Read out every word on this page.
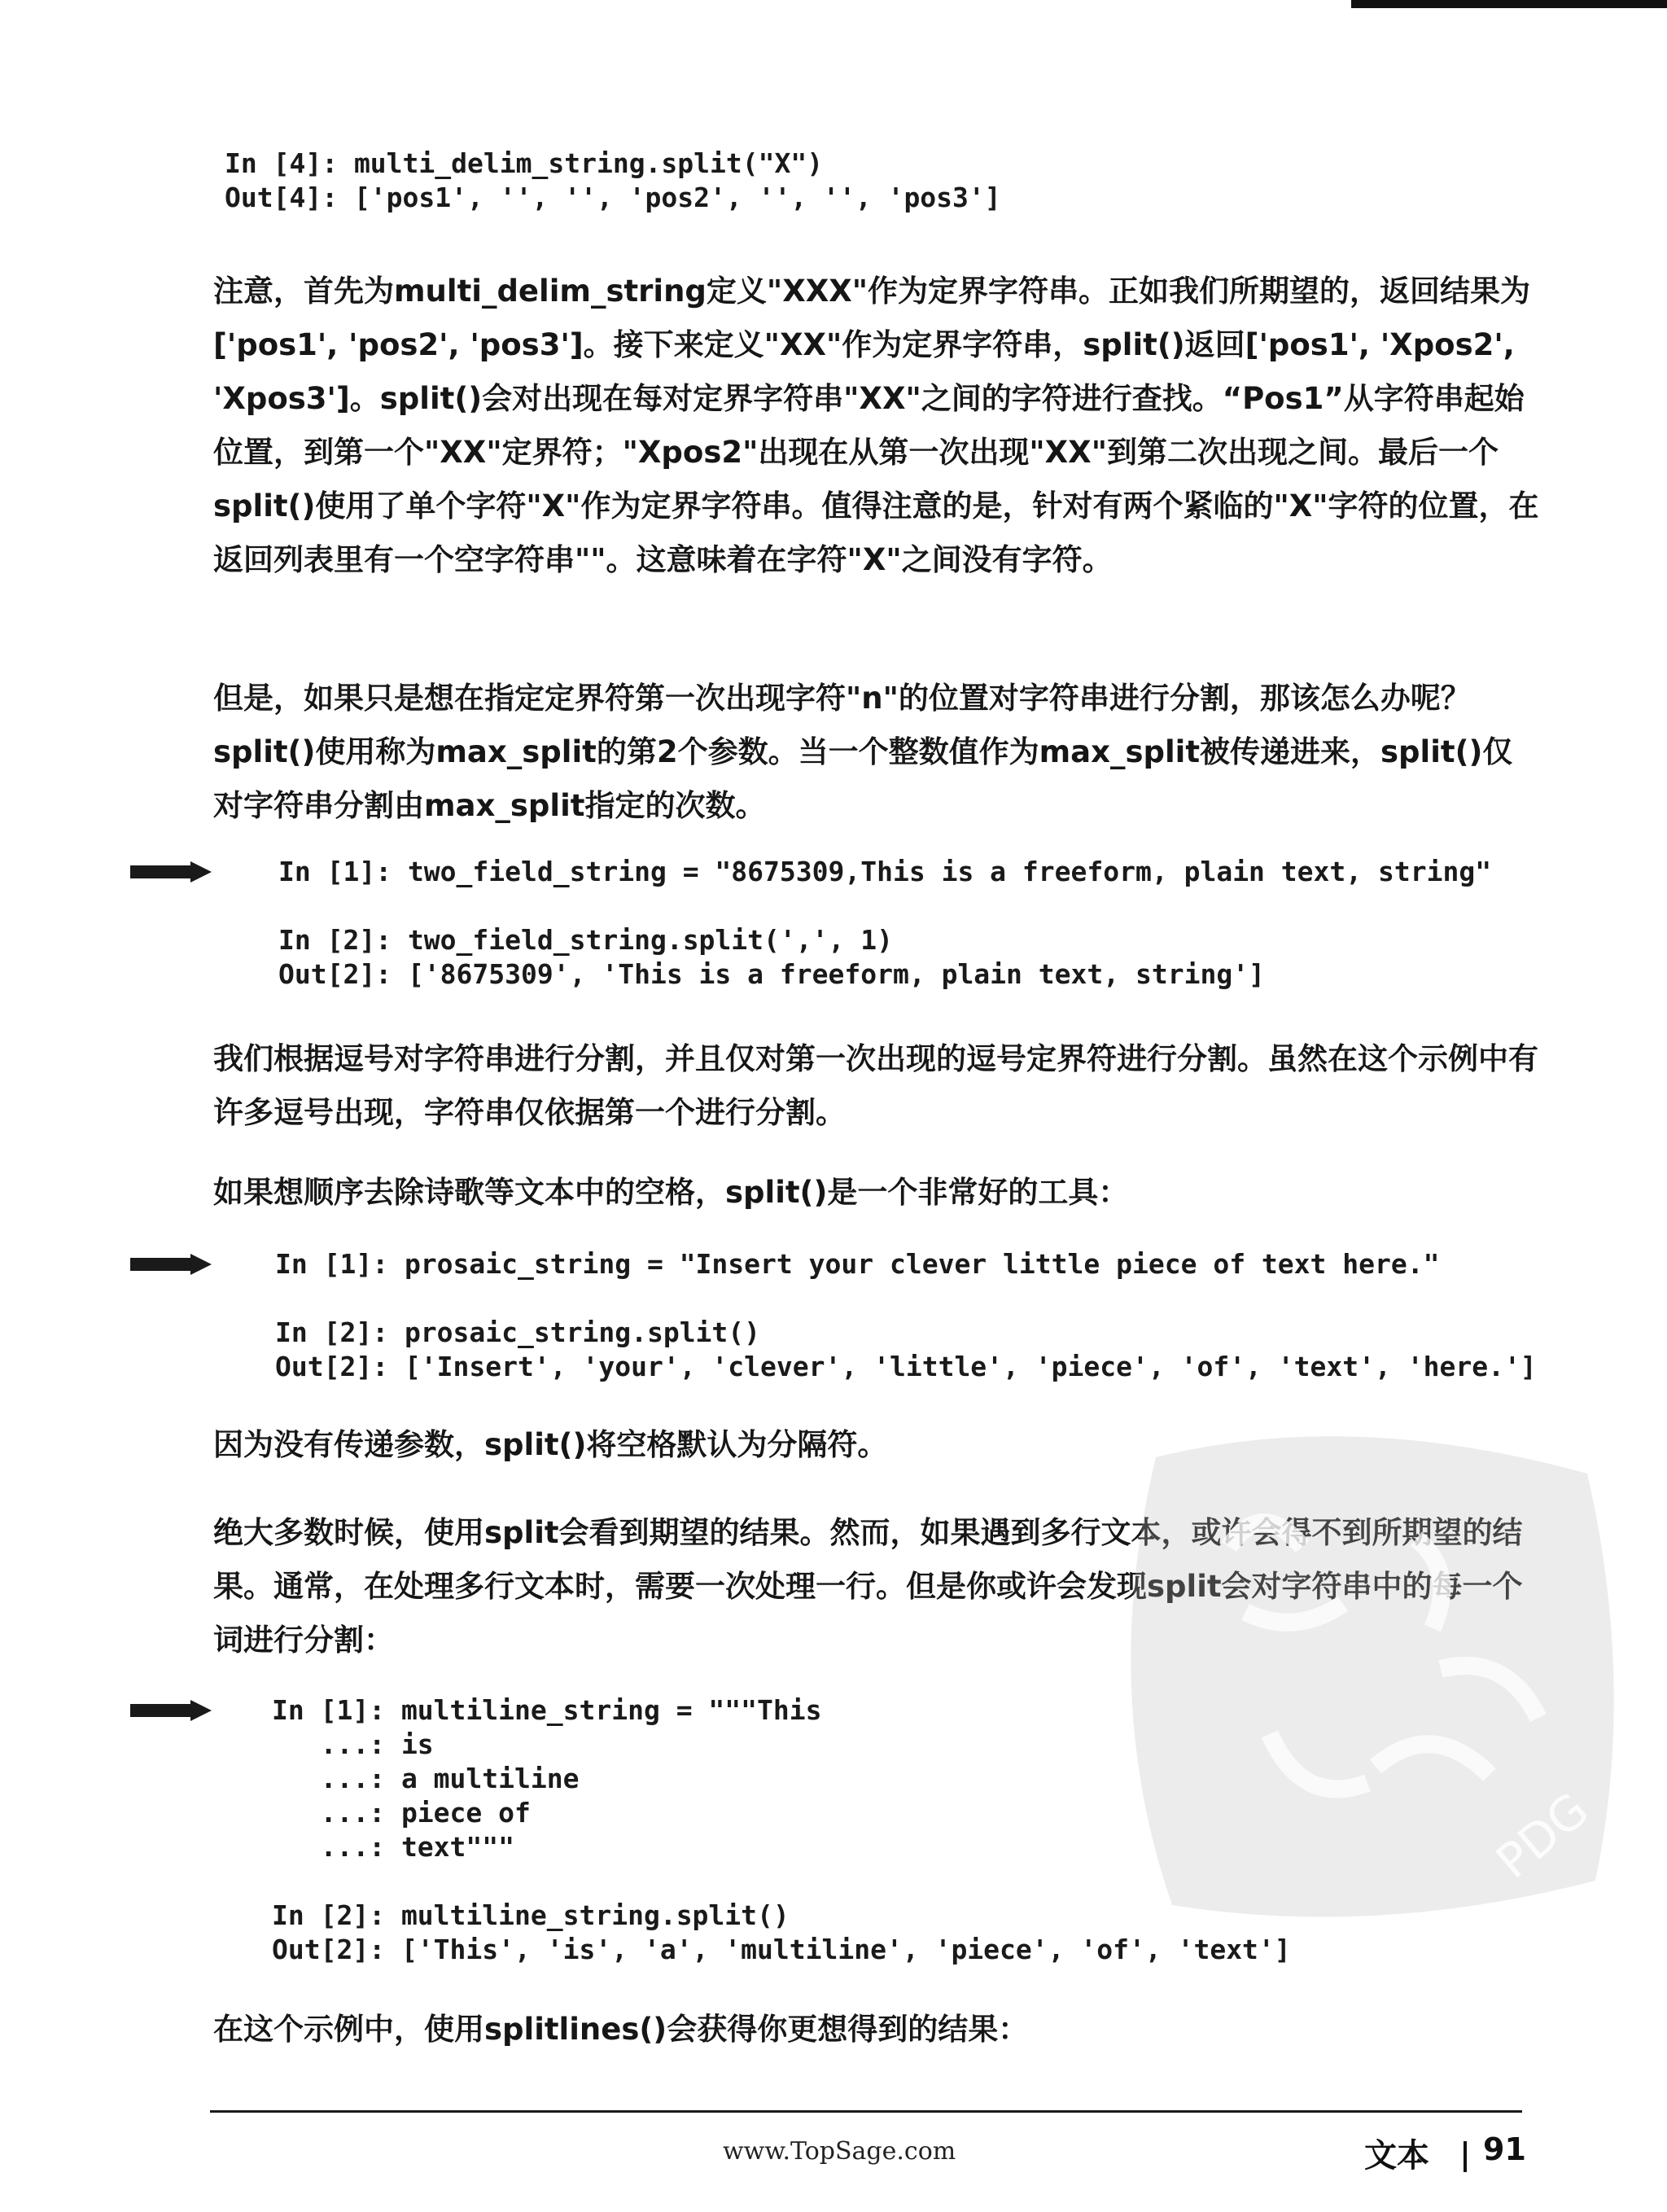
In [4]: multi_delim_string.split("X")
Out[4]: ['pos1', '', '', 'pos2', '', '', 'pos3']

注意，首先为multi_delim_string定义"XXX"作为定界字符串。正如我们所期望的，返回结果为['pos1', 'pos2', 'pos3']。接下来定义"XX"作为定界字符串，split()返回['pos1', 'Xpos2', 'Xpos3']。split()会对出现在每对定界字符串"XX"之间的字符进行查找。“Pos1”从字符串起始位置，到第一个"XX"定界符；"Xpos2"出现在从第一次出现"XX"到第二次出现之间。最后一个split()使用了单个字符"X"作为定界字符串。值得注意的是，针对有两个紧临的"X"字符的位置，在返回列表里有一个空字符串""。这意味着在字符"X"之间没有字符。

但是，如果只是想在指定定界符第一次出现字符"n"的位置对字符串进行分割，那该怎么办呢？split()使用称为max_split的第2个参数。当一个整数值作为max_split被传递进来，split()仅对字符串分割由max_split指定的次数。

In [1]: two_field_string = "8675309,This is a freeform, plain text, string"

In [2]: two_field_string.split(',', 1)
Out[2]: ['8675309', 'This is a freeform, plain text, string']

我们根据逗号对字符串进行分割，并且仅对第一次出现的逗号定界符进行分割。虽然在这个示例中有许多逗号出现，字符串仅依据第一个进行分割。

如果想顺序去除诗歌等文本中的空格，split()是一个非常好的工具：

In [1]: prosaic_string = "Insert your clever little piece of text here."

In [2]: prosaic_string.split()
Out[2]: ['Insert', 'your', 'clever', 'little', 'piece', 'of', 'text', 'here.']

因为没有传递参数，split()将空格默认为分隔符。

绝大多数时候，使用split会看到期望的结果。然而，如果遇到多行文本，或许会得不到所期望的结果。通常，在处理多行文本时，需要一次处理一行。但是你或许会发现split会对字符串中的每一个词进行分割：

In [1]: multiline_string = """This
...: is
...: a multiline
...: piece of
...: text"""

In [2]: multiline_string.split()
Out[2]: ['This', 'is', 'a', 'multiline', 'piece', 'of', 'text']

在这个示例中，使用splitlines()会获得你更想得到的结果：

www.TopSage.com	文本 91
PDG
